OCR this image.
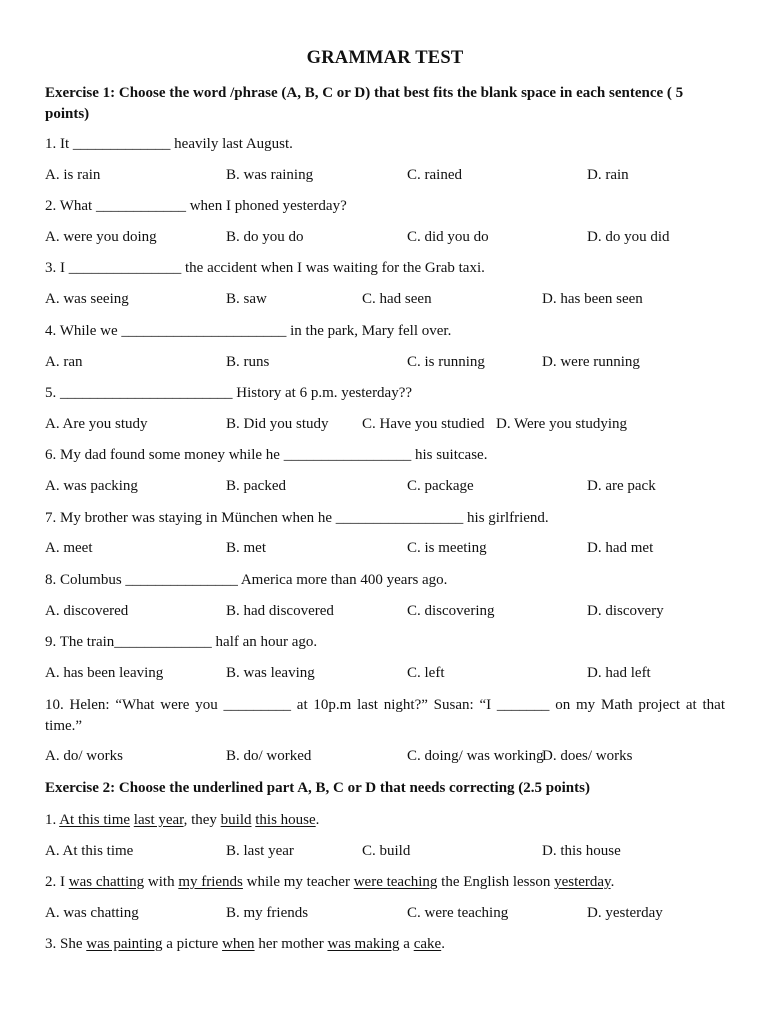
GRAMMAR TEST
Exercise 1: Choose the word /phrase (A, B, C or D) that best fits the blank space in each sentence ( 5 points)
1. It _____________ heavily last August.
A. is rain	B. was raining	C. rained	D. rain
2. What ____________ when I phoned yesterday?
A. were you doing	B. do you do	C. did you do	D. do you did
3. I _______________ the accident when I was waiting for the Grab taxi.
A. was seeing	B. saw	C. had seen	D. has been seen
4. While we ______________________ in the park, Mary fell over.
A. ran	B. runs	C. is running	D. were running
5. _______________________ History at 6 p.m. yesterday??
A. Are you study	B. Did you study C. Have you studied D. Were you studying
6. My dad found some money while he _________________ his suitcase.
A. was packing	B. packed	C. package	D. are pack
7. My brother was staying in München when he _________________ his girlfriend.
A. meet	B. met	C. is meeting	D. had met
8. Columbus _______________ America more than 400 years ago.
A. discovered	B. had discovered	C. discovering	D. discovery
9. The train_____________ half an hour ago.
A. has been leaving	B. was leaving	C. left	D. had left
10. Helen: “What were you _________ at 10p.m last night?” Susan: “I _______ on my Math project at that time.”
A. do/ works	B. do/ worked	C. doing/ was working
D. does/ works
Exercise 2: Choose the underlined part A, B, C or D that needs correcting (2.5 points)
1. At this time last year, they build this house.
A. At this time	B. last year	C. build	D. this house
2. I was chatting with my friends while my teacher were teaching the English lesson yesterday.
A. was chatting	B. my friends	C. were teaching	D. yesterday
3. She was painting a picture when her mother was making a cake.
